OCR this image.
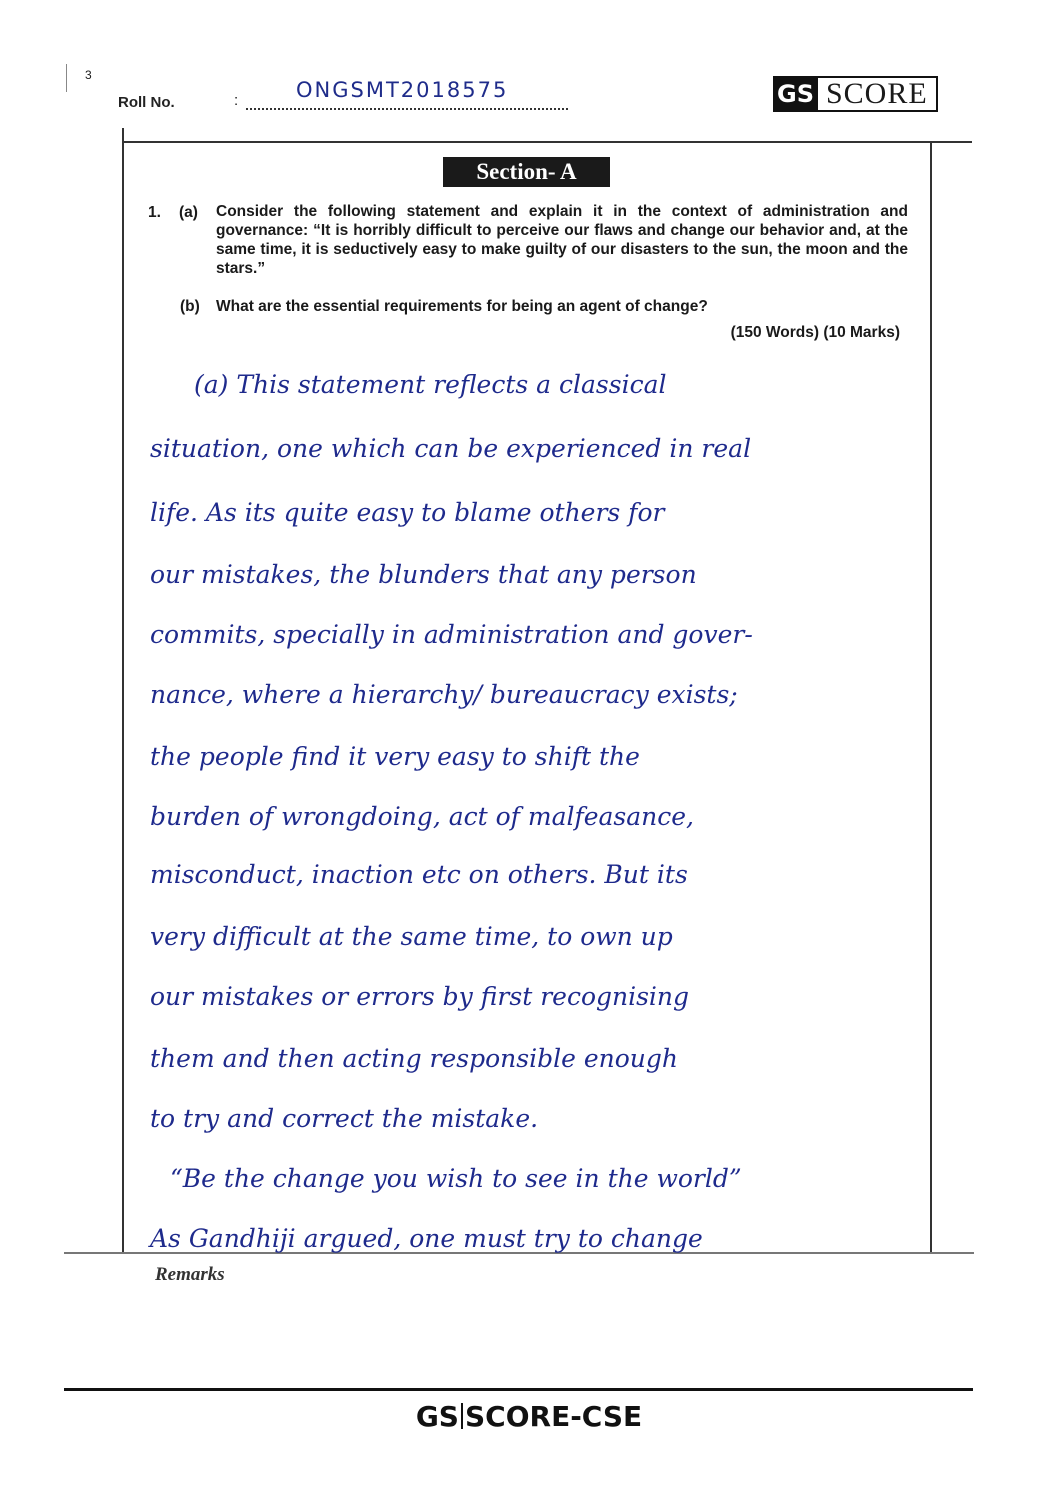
3
Roll No.	:	ONGSMT2018575	GS SCORE
Section- A
1. (a) Consider the following statement and explain it in the context of administration and governance: “It is horribly difficult to perceive our flaws and change our behavior and, at the same time, it is seductively easy to make guilty of our disasters to the sun, the moon and the stars.”
(b) What are the essential requirements for being an agent of change?
(150 Words) (10 Marks)
(a) This statement reflects a classical
situation, one which can be experienced in real
life. As its quite easy to blame others for
our mistakes, the blunders that any person
commits, specially in administration and gover-
nance, where a hierarchy/ bureaucracy exists;
the people find it very easy to shift the
burden of wrongdoing, act of malfeasance,
misconduct, inaction etc on others. But its
very difficult at the same time, to own up
our mistakes or errors by first recognising
them and then acting responsible enough
to try and correct the mistake.
“Be the change you wish to see in the world”
As Gandhiji argued, one must try to change
Remarks
GS SCORE-CSE
